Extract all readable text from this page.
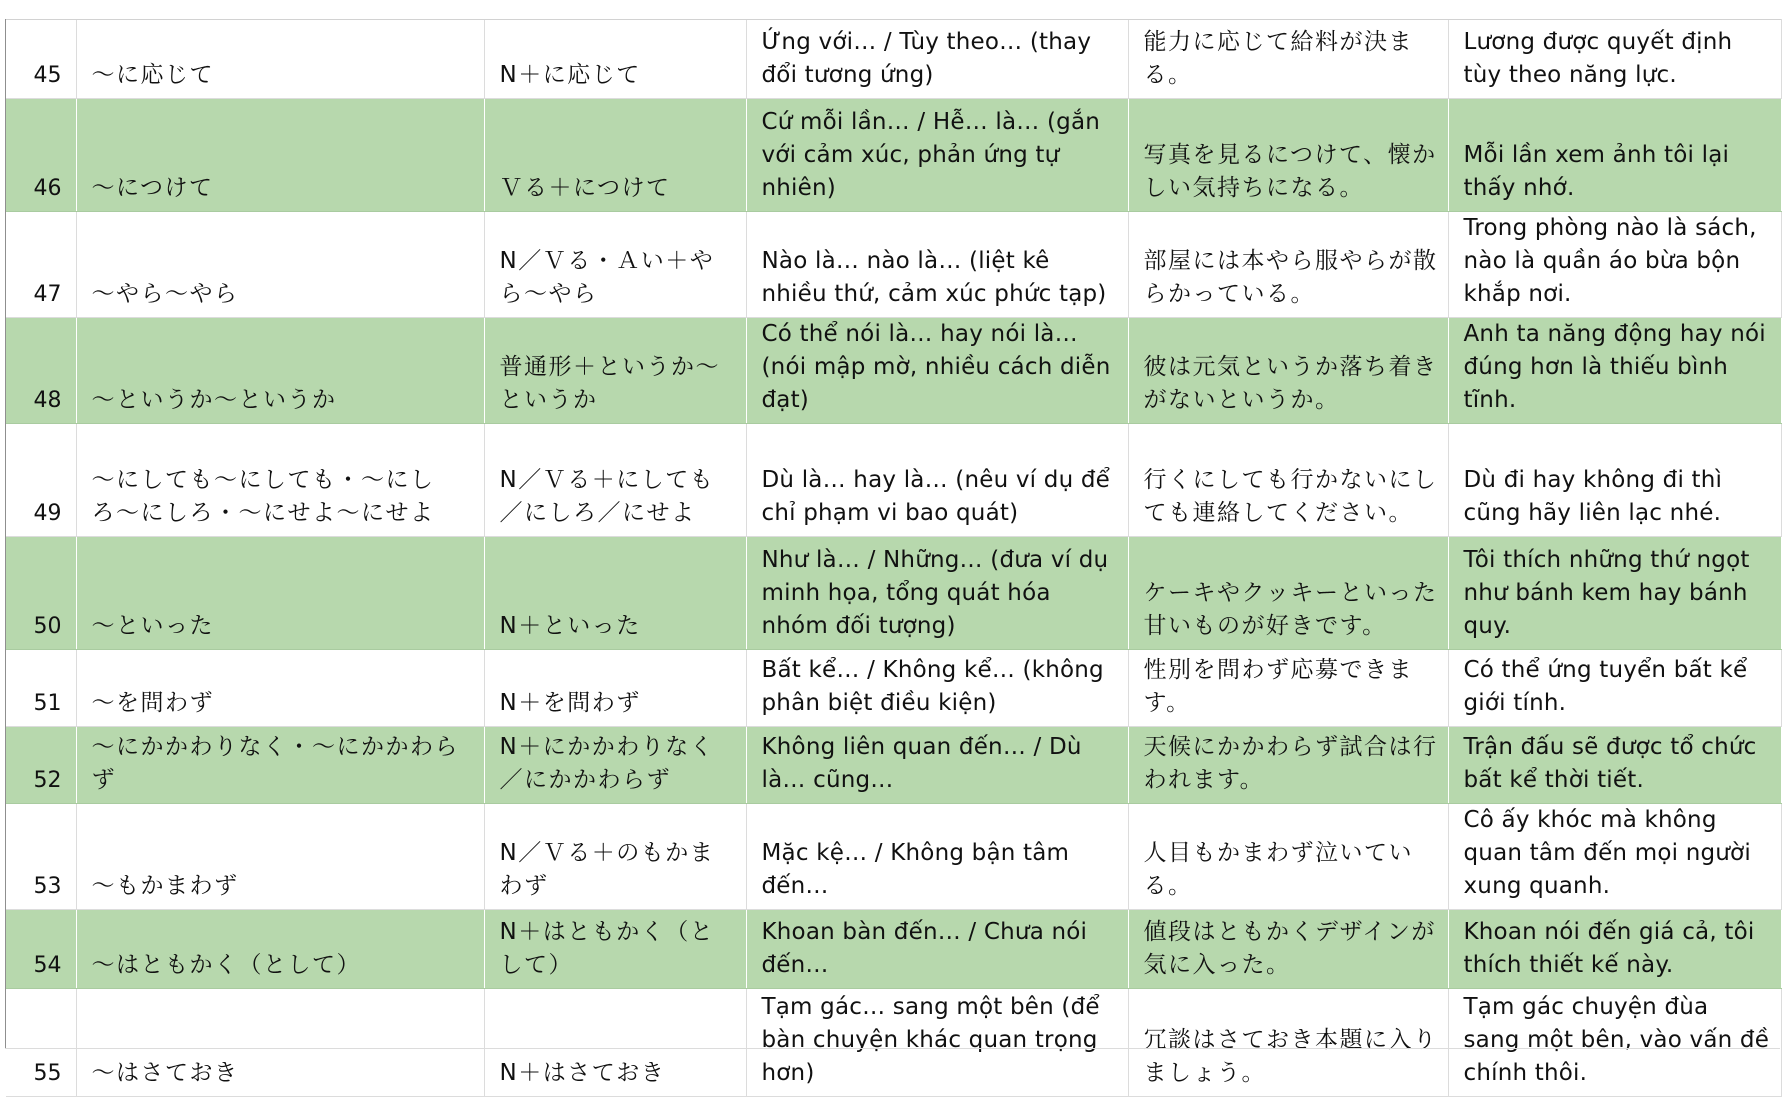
45	〜に応じて	N＋に応じて	Ứng với… / Tùy theo… (thay đổi tương ứng)	能力に応じて給料が決まる。	Lương được quyết định tùy theo năng lực.

46	〜につけて	Ｖる＋につけて	Cứ mỗi lần… / Hễ… là… (gắn với cảm xúc, phản ứng tự nhiên)	写真を見るにつけて、懐かしい気持ちになる。	Mỗi lần xem ảnh tôi lại thấy nhớ.

47	〜やら〜やら	N／Ｖる・Ａい＋やら〜やら	Nào là… nào là… (liệt kê nhiều thứ, cảm xúc phức tạp)	部屋には本やら服やらが散らかっている。	Trong phòng nào là sách, nào là quần áo bừa bộn khắp nơi.

48	〜というか〜というか	普通形＋というか〜というか	Có thể nói là… hay nói là… (nói mập mờ, nhiều cách diễn đạt)	彼は元気というか落ち着きがないというか。	Anh ta năng động hay nói đúng hơn là thiếu bình tĩnh.

49	〜にしても〜にしても・〜にしろ〜にしろ・〜にせよ〜にせよ	N／Ｖる＋にしても／にしろ／にせよ	Dù là… hay là… (nêu ví dụ để chỉ phạm vi bao quát)	行くにしても行かないにしても連絡してください。	Dù đi hay không đi thì cũng hãy liên lạc nhé.

50	〜といった	N＋といった	Như là… / Những… (đưa ví dụ minh họa, tổng quát hóa nhóm đối tượng)	ケーキやクッキーといった甘いものが好きです。	Tôi thích những thứ ngọt như bánh kem hay bánh quy.

51	〜を問わず	N＋を問わず	Bất kể… / Không kể… (không phân biệt điều kiện)	性別を問わず応募できます。	Có thể ứng tuyển bất kể giới tính.

52	〜にかかわりなく・〜にかかわらず	N＋にかかわりなく／にかかわらず	Không liên quan đến… / Dù là… cũng…	天候にかかわらず試合は行われます。	Trận đấu sẽ được tổ chức bất kể thời tiết.

53	〜もかまわず	N／Ｖる＋のもかまわず	Mặc kệ… / Không bận tâm đến…	人目もかまわず泣いている。	Cô ấy khóc mà không quan tâm đến mọi người xung quanh.

54	〜はともかく（として）	N＋はともかく（として）	Khoan bàn đến… / Chưa nói đến…	値段はともかくデザインが気に入った。	Khoan nói đến giá cả, tôi thích thiết kế này.

55	〜はさておき	N＋はさておき	Tạm gác… sang một bên (để bàn chuyện khác quan trọng hơn)	冗談はさておき本題に入りましょう。	Tạm gác chuyện đùa sang một bên, vào vấn đề chính thôi.
